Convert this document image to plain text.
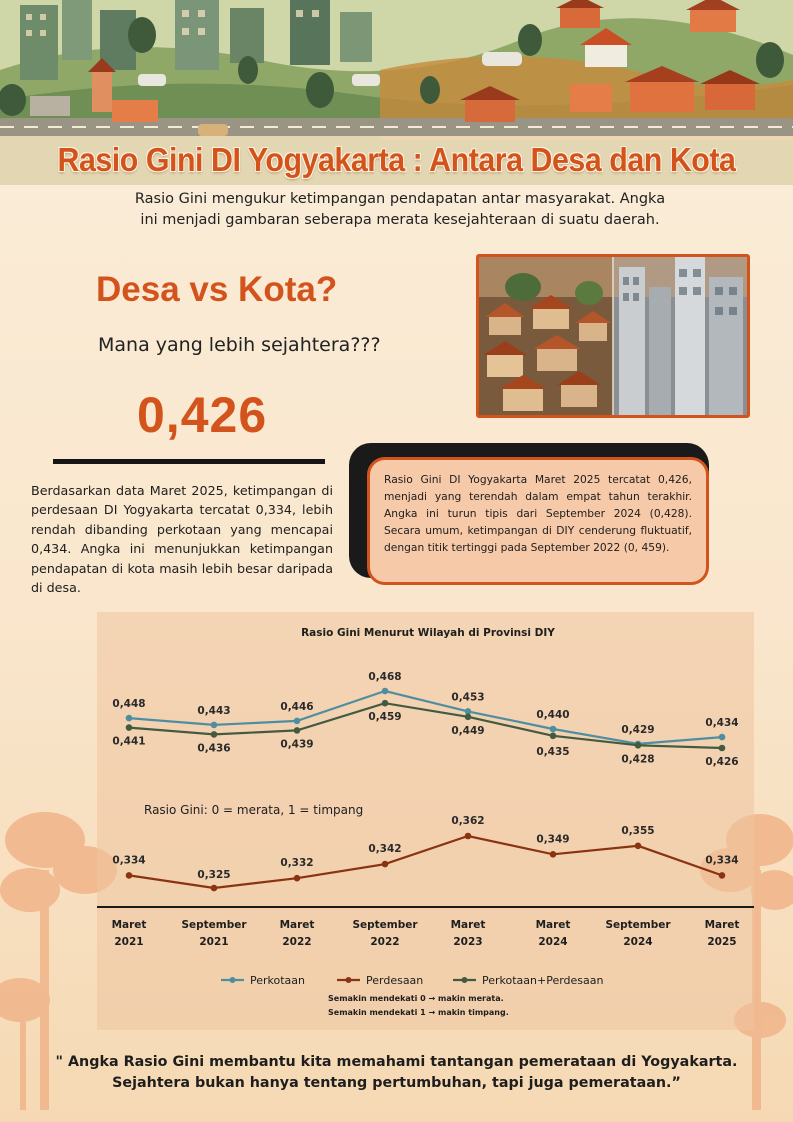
Rasio Gini DI Yogyakarta : Antara Desa dan Kota
Rasio Gini mengukur ketimpangan pendapatan antar masyarakat. Angka
ini menjadi gambaran seberapa merata kesejahteraan di suatu daerah.
Desa vs Kota?
Mana yang lebih sejahtera???
0,426
Berdasarkan data Maret 2025, ketimpangan di perdesaan DI Yogyakarta tercatat 0,334, lebih rendah dibanding perkotaan yang mencapai 0,434. Angka ini menunjukkan ketimpangan pendapatan di kota masih lebih besar daripada di desa.
Rasio Gini DI Yogyakarta Maret 2025 tercatat 0,426, menjadi yang terendah dalam empat tahun terakhir. Angka ini turun tipis dari September 2024 (0,428). Secara umum, ketimpangan di DIY cenderung fluktuatif, dengan titik tertinggi pada September 2022 (0, 459).
Rasio Gini Menurut Wilayah di Provinsi DIY
Rasio Gini: 0 = merata, 1 = timpang
0,448
0,443	0,446
0,468
0,453
0,440
0,429
0,434
0,334
0,325
0,332
0,342
0,362
0,349
0,355
0,334
0,441
0,436	0,439
0,459
0,449
0,435
0,428	0,426
Maret
2021
September
2021
Maret
2022
September
2022
Maret
2023
Maret
2024
September
2024
Maret
2025
Perkotaan	Perdesaan	Perkotaan+Perdesaan
Semakin mendekati 0 → makin merata.
Semakin mendekati 1 → makin timpang.
" Angka Rasio Gini membantu kita memahami tantangan pemerataan di Yogyakarta.
Sejahtera bukan hanya tentang pertumbuhan, tapi juga pemerataan.”
